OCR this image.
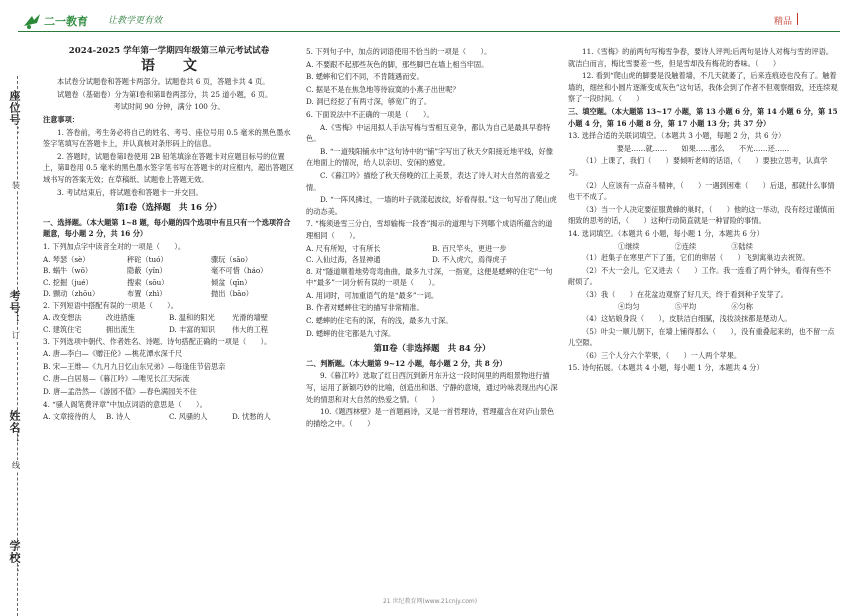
二一教育 让教学更有效	精品
座位号：
考号：
姓名：
学校：
装
订
线

2024-2025 学年第一学期四年级第三单元考试试卷

语文

本试卷分试题卷和答题卡两部分。试题卷共 6 页，答题卡共 4 页。

试题卷（基础卷）分为第Ⅰ卷和第Ⅱ卷两部分，共 25 道小题，6 页。

考试时间 90 分钟，满分 100 分。

注意事项：

1. 答卷前，考生务必将自己的姓名、考号、座位号用 0.5 毫米的黑色墨水签字笔填写在答题卡上，并认真核对条形码上的信息。

2. 答题时，试题卷第Ⅰ卷使用 2B 铅笔填涂在答题卡对应题目标号的位置上，第Ⅱ卷用 0.5 毫米的黑色墨水签字笔书写在答题卡的对应框内，超出答题区域书写的答案无效；在草稿纸、试题卷上答题无效。

3. 考试结束后，将试题卷和答题卡一并交回。

第Ⅰ卷（选择题　共 16 分）

一、选择题。（本大题第 1~8 题，每小题的四个选项中有且只有一个选项符合题意，每小题 2 分，共 16 分）

1. 下列加点字中读音全对的一项是（　　）。

A. 琴瑟（sè）	秤砣（tuó）	骤玩（sāo）
B. 蜗牛（wō）	隐蔽（yǐn）	毫不可惜（háo）
C. 挖掘（jué）	搜索（sōu）	倾盆（qīn）
D. 颤动（zhōu）	布置（zhì）	抛出（bāo）

2. 下列短语中搭配有误的一项是（　　）。

A. 改变想法	改进措施	B. 温和的阳光	光滑的墙壁
C. 建筑住宅	拥出流生	D. 丰富的知识	伟大的工程

3. 下列选项中朝代、作者姓名、诗题、诗句搭配正确的一项是（　　）。

A. 唐—李白—《赠汪伦》—桃花潭水深千尺

B. 宋—王维—《九月九日忆山东兄弟》—每逢佳节倍思亲

C. 唐—白居易—《暮江吟》—唯见长江天际流

D. 唐—孟浩然—《游园不值》—春色满园关不住

4. “骚人阁笔费评章”中加点词语的意思是（　　）。

A. 文章接待的人	B. 诗人	C. 风骚的人	D. 忧愁的人

5. 下列句子中，加点的词语使用不恰当的一项是（　　）。

A. 不要跟不起那些灰色的脚，那些脚巴在墙上相当牢固。

B. 蟋蟀和它们不同，不肯随遇而安。

C. 据是不是在焦急地等待寂寞的小燕子出世呢？

D. 洞已经挖了有两寸深，够宽广的了。

6. 下面说法中不正确的一项是（　　）。

A.《雪梅》中运用拟人手法写梅与雪相互竞争，都认为自己是最具早春特色。

B. “一道残阳铺水中”这句诗中的“铺”字写出了秋天夕阳接近地平线，好像在地面上的情况，给人以亲切、安闲的感觉。

C.《暮江吟》描绘了秋天傍晚的江上美景，表达了诗人对大自然的喜爱之情。

D. “一阵风拂过，一墙的叶子就漾起波纹，好看得很。”这一句写出了爬山虎的动态美。

7. “梅须逊雪三分白，雪却输梅一段香”揭示的道理与下列哪个成语所蕴含的道理相同（　　）。

A. 尺有所短，寸有所长	B. 百尺竿头，更进一步
C. 入仙过海，各显神通	D. 不入虎穴，焉得虎子

8. 对“隧道顺着地势弯弯曲曲，最多九寸深，一指宽，这便是蟋蟀的住宅”一句中“最多”一词分析有误的一项是（　　）。

A. 用词时，可加重语气的是“最多”一词。

B. 作者对蟋蟀住宅的描写非常精准。

C. 蟋蟀的住宅有的深，有的浅，最多九寸深。

D. 蟋蟀的住宅都是九寸深。

第Ⅱ卷（非选择题　共 84 分）

二、判断题。（本大题第 9~12 小题，每小题 2 分，共 8 分）

9.《暮江吟》选取了红日西沉到新月东升这一段时间里的两组景物进行描写，运用了新颖巧妙的比喻，创造出和谐、宁静的意境，通过吟咏表现出内心深处的情思和对大自然的热爱之情。（　　）

10.《题西林壁》是一首题画诗，又是一首哲理诗，哲理蕴含在对庐山景色的描绘之中。（　　）

11.《雪梅》的前两句写梅雪争春，要诗人评判;后两句是诗人对梅与雪的评语。就洁白而言，梅比雪要差一些，但是雪却没有梅花的香味。（　　）

12. 看到“爬山虎的脚要是没触着墙，不几天就萎了，后来连痕迹也没有了。触着墙的，细丝和小圆片逐渐变成灰色”这句话，我体会到了作者不但观察细致，还连续观察了一段时间。（　　）

三、填空题。（本大题第 13~17 小题，第 13 小题 6 分，第 14 小题 6 分，第 15 小题 4 分，第 16 小题 8 分，第 17 小题 13 分；共 37 分）

13. 选择合适的关联词填空。（本题共 3 小题，每题 2 分，共 6 分）

要是……就……　　如果……那么　　不光……还……

（1）上课了，我们（　　）要倾听老师的话语，（　　）要独立思考，认真学习。

（2）人应该有一点奋斗精神，（　　）一遇到困难（　　）后退，那就什么事情也干不成了。

（3）当一个人决定要征服黄蜂的巢时，（　　）他的这一举动，没有经过谨慎而细致的思考的话，（　　）这种行动简直就是一种冒险的事情。

14. 选词填空。（本题共 6 小题，每小题 1 分，本题共 6 分）

①继续	②连续	③陆续

（1）赶集子在寒里产下了蛋，它们的卵居（　　）飞到寓巢边去祝贺。

（2）不大一会儿，它又进去（　　）工作。我一连看了两个钟头，看得有些不耐烦了。

（3）我（　　）在花盆边观察了好几天，终于看到种子发芽了。

④均匀	⑤平均	⑥匀称

（4）这姑娘身段（　　），皮肤洁白细腻，浅妆淡抹都是楚动人。

（5）叶尖一顺儿朝下，在墙上铺得那么（　　），没有重叠起来的，也不留一点儿空隙。

（6）三个人分六个苹果，（　　）一人两个苹果。

15. 诗句拓展。（本题共 4 小题，每小题 1 分，本题共 4 分）

21 世纪教育网(www.21cnjy.com)
